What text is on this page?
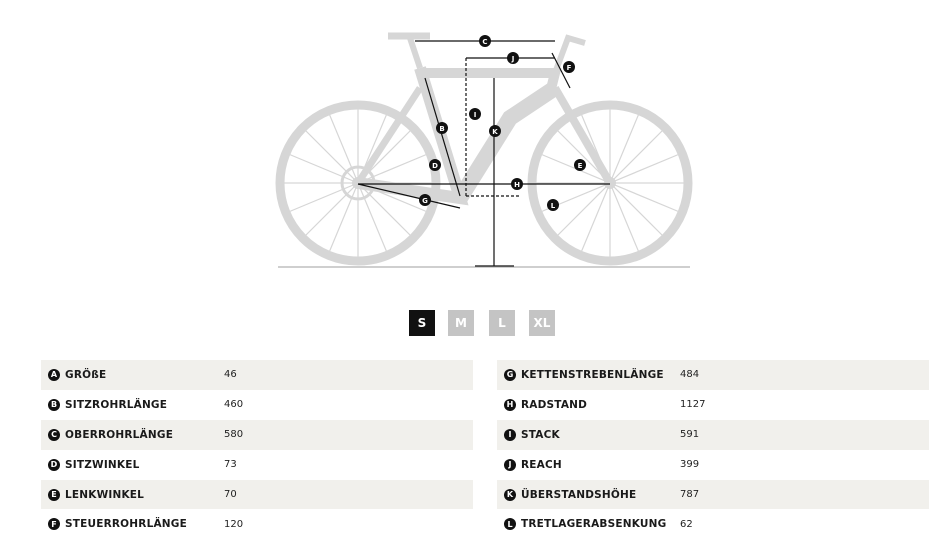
C
J
F
I
K
B
D	E
H
G
L
S	M	L	XL
A GRÖßE	46
B SITZROHRLÄNGE	460
C OBERROHRLÄNGE	580
D SITZWINKEL	73
E LENKWINKEL	70
F STEUERROHRLÄNGE	120
G KETTENSTREBENLÄNGE	484
H RADSTAND	1127
I STACK	591
J REACH	399
K ÜBERSTANDSHÖHE	787
L TRETLAGERABSENKUNG	62
